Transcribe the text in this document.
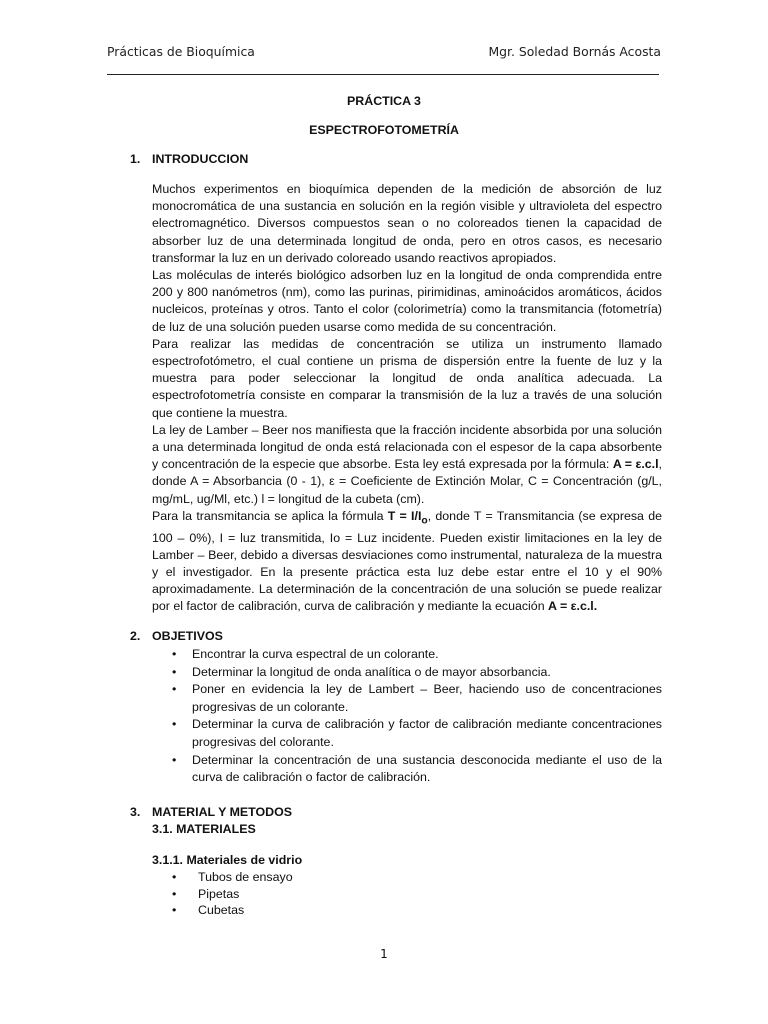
Prácticas de Bioquímica	Mgr. Soledad Bornás Acosta
PRÁCTICA 3
ESPECTROFOTOMETRÍA
1. INTRODUCCION

Muchos experimentos en bioquímica dependen de la medición de absorción de luz monocromática de una sustancia en solución en la región visible y ultravioleta del espectro electromagnético. Diversos compuestos sean o no coloreados tienen la capacidad de absorber luz de una determinada longitud de onda, pero en otros casos, es necesario transformar la luz en un derivado coloreado usando reactivos apropiados.

Las moléculas de interés biológico adsorben luz en la longitud de onda comprendida entre 200 y 800 nanómetros (nm), como las purinas, pirimidinas, aminoácidos aromáticos, ácidos nucleicos, proteínas y otros. Tanto el color (colorimetría) como la transmitancia (fotometría) de luz de una solución pueden usarse como medida de su concentración.

Para realizar las medidas de concentración se utiliza un instrumento llamado espectrofotómetro, el cual contiene un prisma de dispersión entre la fuente de luz y la muestra para poder seleccionar la longitud de onda analítica adecuada. La espectrofotometría consiste en comparar la transmisión de la luz a través de una solución que contiene la muestra.

La ley de Lamber – Beer nos manifiesta que la fracción incidente absorbida por una solución a una determinada longitud de onda está relacionada con el espesor de la capa absorbente y concentración de la especie que absorbe. Esta ley está expresada por la fórmula: A = ε.c.l, donde A = Absorbancia (0 - 1), ε = Coeficiente de Extinción Molar, C = Concentración (g/L, mg/mL, ug/Ml, etc.) l = longitud de la cubeta (cm).

Para la transmitancia se aplica la fórmula $T = I/I_o$, donde T = Transmitancia (se expresa de 100 – 0%), I = luz transmitida, Io = Luz incidente. Pueden existir limitaciones en la ley de Lamber – Beer, debido a diversas desviaciones como instrumental, naturaleza de la muestra y el investigador. En la presente práctica esta luz debe estar entre el 10 y el 90% aproximadamente. La determinación de la concentración de una solución se puede realizar por el factor de calibración, curva de calibración y mediante la ecuación A = ε.c.l.

2. OBJETIVOS
• Encontrar la curva espectral de un colorante.
• Determinar la longitud de onda analítica o de mayor absorbancia.
• Poner en evidencia la ley de Lambert – Beer, haciendo uso de concentraciones progresivas de un colorante.
• Determinar la curva de calibración y factor de calibración mediante concentraciones progresivas del colorante.
• Determinar la concentración de una sustancia desconocida mediante el uso de la curva de calibración o factor de calibración.
3. MATERIAL Y METODOS
3.1. MATERIALES
3.1.1. Materiales de vidrio
• Tubos de ensayo
• Pipetas
• Cubetas
1
